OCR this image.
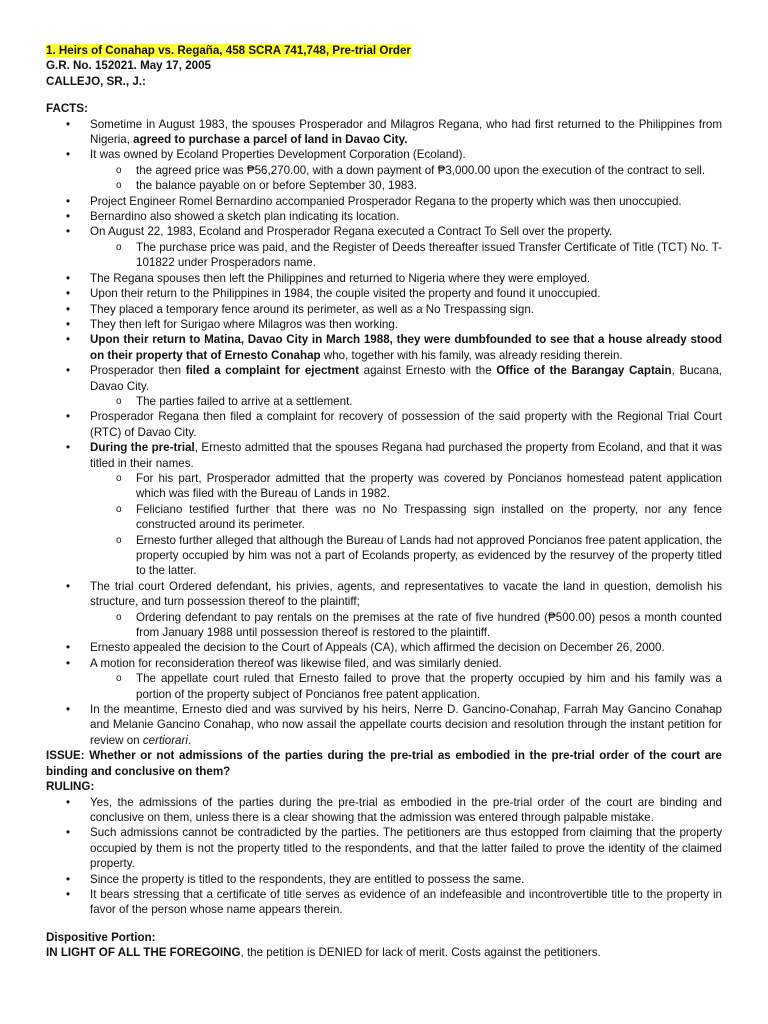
1. Heirs of Conahap vs. Regaña, 458 SCRA 741,748, Pre-trial Order
G.R. No. 152021. May 17, 2005
CALLEJO, SR., J.:
FACTS:
• Sometime in August 1983, the spouses Prosperador and Milagros Regana, who had first returned to the Philippines from Nigeria, agreed to purchase a parcel of land in Davao City.
• It was owned by Ecoland Properties Development Corporation (Ecoland).
o the agreed price was ₱56,270.00, with a down payment of ₱3,000.00 upon the execution of the contract to sell.
o the balance payable on or before September 30, 1983.
• Project Engineer Romel Bernardino accompanied Prosperador Regana to the property which was then unoccupied.
• Bernardino also showed a sketch plan indicating its location.
• On August 22, 1983, Ecoland and Prosperador Regana executed a Contract To Sell over the property.
o The purchase price was paid, and the Register of Deeds thereafter issued Transfer Certificate of Title (TCT) No. T-101822 under Prosperadors name.
• The Regana spouses then left the Philippines and returned to Nigeria where they were employed.
• Upon their return to the Philippines in 1984, the couple visited the property and found it unoccupied.
• They placed a temporary fence around its perimeter, as well as a No Trespassing sign.
• They then left for Surigao where Milagros was then working.
• Upon their return to Matina, Davao City in March 1988, they were dumbfounded to see that a house already stood on their property that of Ernesto Conahap who, together with his family, was already residing therein.
• Prosperador then filed a complaint for ejectment against Ernesto with the Office of the Barangay Captain, Bucana, Davao City.
o The parties failed to arrive at a settlement.
• Prosperador Regana then filed a complaint for recovery of possession of the said property with the Regional Trial Court (RTC) of Davao City.
• During the pre-trial, Ernesto admitted that the spouses Regana had purchased the property from Ecoland, and that it was titled in their names.
o For his part, Prosperador admitted that the property was covered by Poncianos homestead patent application which was filed with the Bureau of Lands in 1982.
o Feliciano testified further that there was no No Trespassing sign installed on the property, nor any fence constructed around its perimeter.
o Ernesto further alleged that although the Bureau of Lands had not approved Poncianos free patent application, the property occupied by him was not a part of Ecolands property, as evidenced by the resurvey of the property titled to the latter.
• The trial court Ordered defendant, his privies, agents, and representatives to vacate the land in question, demolish his structure, and turn possession thereof to the plaintiff;
o Ordering defendant to pay rentals on the premises at the rate of five hundred (₱500.00) pesos a month counted from January 1988 until possession thereof is restored to the plaintiff.
• Ernesto appealed the decision to the Court of Appeals (CA), which affirmed the decision on December 26, 2000.
• A motion for reconsideration thereof was likewise filed, and was similarly denied.
o The appellate court ruled that Ernesto failed to prove that the property occupied by him and his family was a portion of the property subject of Poncianos free patent application.
• In the meantime, Ernesto died and was survived by his heirs, Nerre D. Gancino-Conahap, Farrah May Gancino Conahap and Melanie Gancino Conahap, who now assail the appellate courts decision and resolution through the instant petition for review on certiorari.
ISSUE: Whether or not admissions of the parties during the pre-trial as embodied in the pre-trial order of the court are binding and conclusive on them?
RULING:
• Yes, the admissions of the parties during the pre-trial as embodied in the pre-trial order of the court are binding and conclusive on them, unless there is a clear showing that the admission was entered through palpable mistake.
• Such admissions cannot be contradicted by the parties. The petitioners are thus estopped from claiming that the property occupied by them is not the property titled to the respondents, and that the latter failed to prove the identity of the claimed property.
• Since the property is titled to the respondents, they are entitled to possess the same.
• It bears stressing that a certificate of title serves as evidence of an indefeasible and incontrovertible title to the property in favor of the person whose name appears therein.
Dispositive Portion:
IN LIGHT OF ALL THE FOREGOING, the petition is DENIED for lack of merit. Costs against the petitioners.
